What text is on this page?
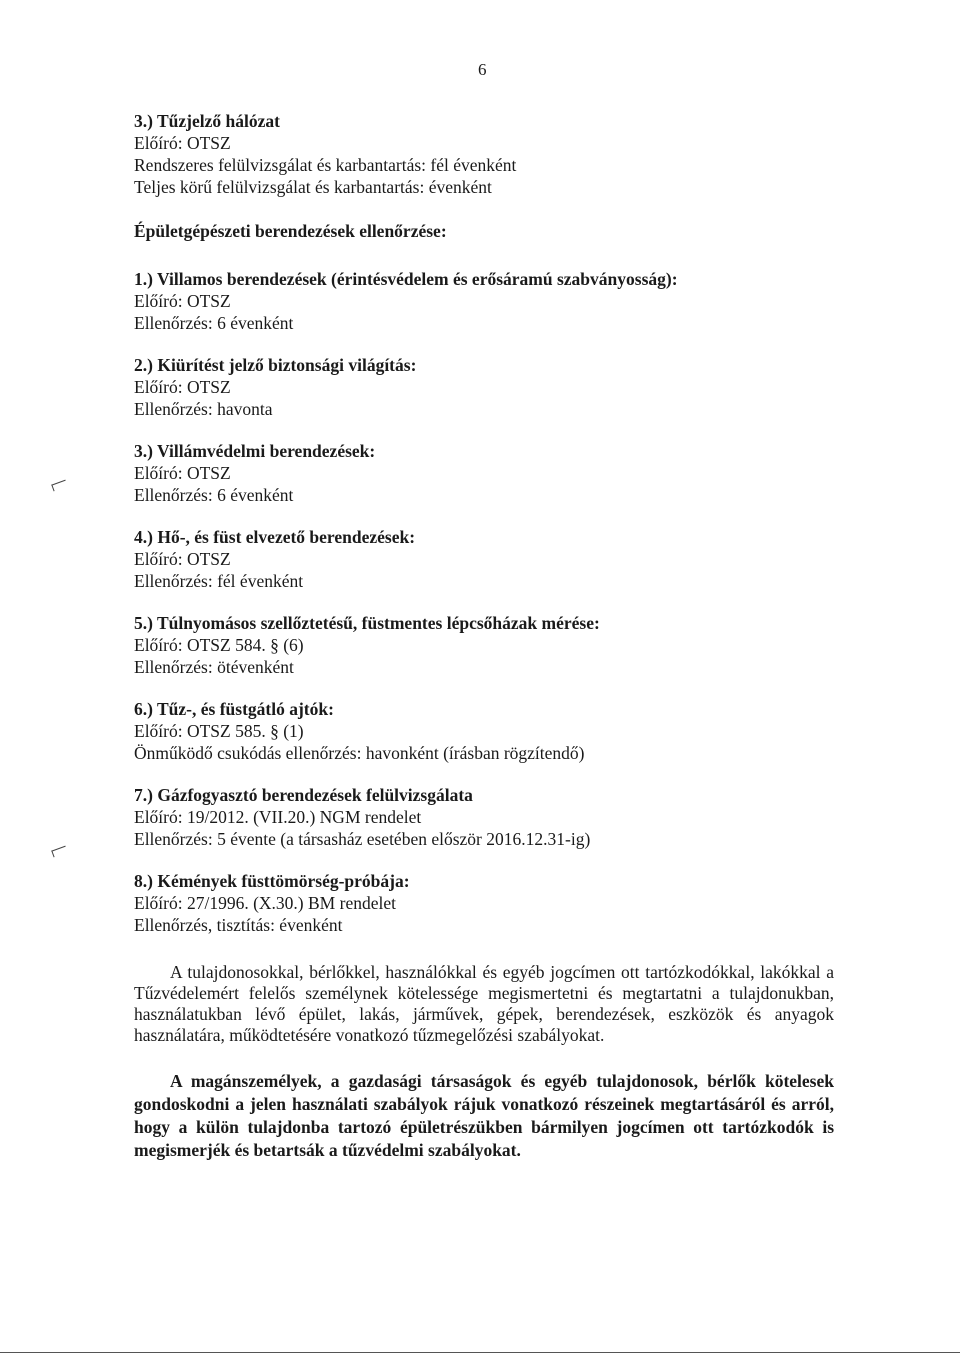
6
3.) Tűzjelző hálózat
Előíró: OTSZ
Rendszeres felülvizsgálat és karbantartás: fél évenként
Teljes körű felülvizsgálat és karbantartás: évenként
Épületgépészeti berendezések ellenőrzése:
1.) Villamos berendezések (érintésvédelem és erősáramú szabványosság):
Előíró: OTSZ
Ellenőrzés: 6 évenként
2.) Kiürítést jelző biztonsági világítás:
Előíró: OTSZ
Ellenőrzés: havonta
3.) Villámvédelmi berendezések:
Előíró: OTSZ
Ellenőrzés: 6 évenként
4.) Hő-, és füst elvezető berendezések:
Előíró: OTSZ
Ellenőrzés: fél évenként
5.) Túlnyomásos szellőztetésű, füstmentes lépcsőházak mérése:
Előíró: OTSZ 584. § (6)
Ellenőrzés: ötévenként
6.) Tűz-, és füstgátló ajtók:
Előíró: OTSZ 585. § (1)
Önműködő csukódás ellenőrzés: havonként (írásban rögzítendő)
7.) Gázfogyasztó berendezések felülvizsgálata
Előíró: 19/2012. (VII.20.) NGM rendelet
Ellenőrzés: 5 évente (a társasház esetében először 2016.12.31-ig)
8.) Kémények füsttömörség-próbája:
Előíró: 27/1996. (X.30.) BM rendelet
Ellenőrzés, tisztítás: évenként

A tulajdonosokkal, bérlőkkel, használókkal és egyéb jogcímen ott tartózkodókkal, lakókkal a Tűzvédelemért felelős személynek kötelessége megismertetni és megtartatni a tulajdonukban, használatukban lévő épület, lakás, járművek, gépek, berendezések, eszközök és anyagok használatára, működtetésére vonatkozó tűzmegelőzési szabályokat.

A magánszemélyek, a gazdasági társaságok és egyéb tulajdonosok, bérlők kötelesek gondoskodni a jelen használati szabályok rájuk vonatkozó részeinek megtartásáról és arról, hogy a külön tulajdonba tartozó épületrészükben bármilyen jogcímen ott tartózkodók is megismerjék és betartsák a tűzvédelmi szabályokat.
